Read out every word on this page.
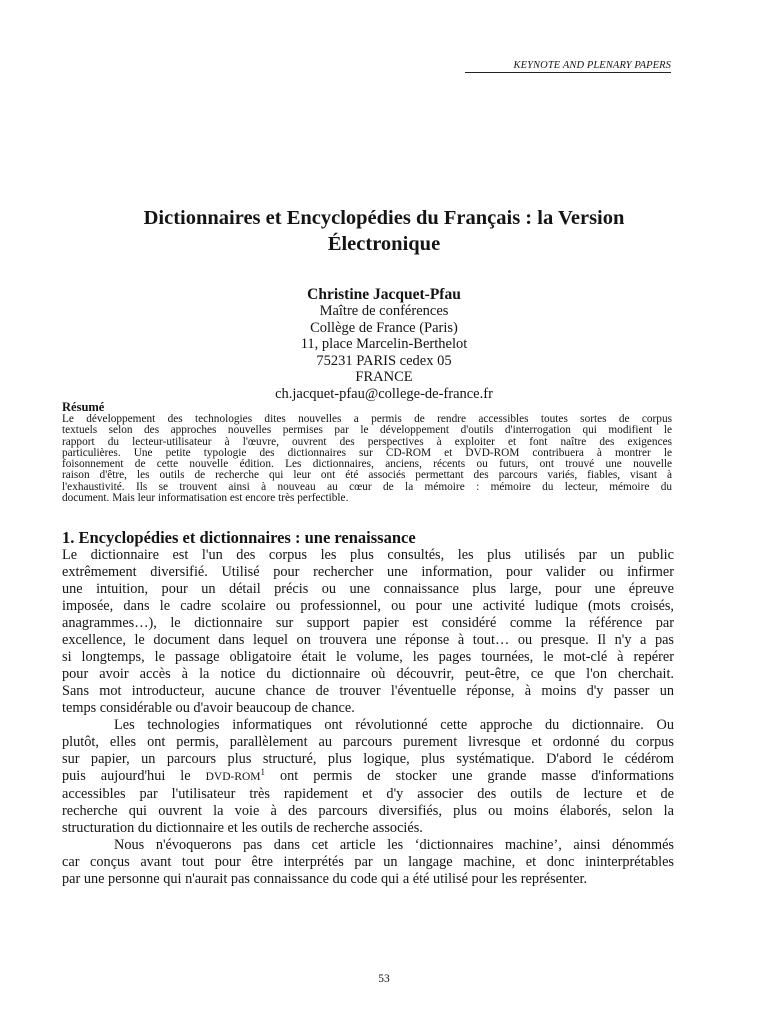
KEYNOTE AND PLENARY PAPERS
Dictionnaires et Encyclopédies du Français : la Version
Électronique
Christine Jacquet-Pfau
Maître de conférences
Collège de France (Paris)
11, place Marcelin-Berthelot
75231 PARIS cedex 05
FRANCE
ch.jacquet-pfau@college-de-france.fr
Résumé
Le développement des technologies dites nouvelles a permis de rendre accessibles toutes sortes de corpus
textuels selon des approches nouvelles permises par le développement d'outils d'interrogation qui modifient le
rapport du lecteur-utilisateur à l'œuvre, ouvrent des perspectives à exploiter et font naître des exigences
particulières. Une petite typologie des dictionnaires sur CD-ROM et DVD-ROM contribuera à montrer le
foisonnement de cette nouvelle édition. Les dictionnaires, anciens, récents ou futurs, ont trouvé une nouvelle
raison d'être, les outils de recherche qui leur ont été associés permettant des parcours variés, fiables, visant à
l'exhaustivité. Ils se trouvent ainsi à nouveau au cœur de la mémoire : mémoire du lecteur, mémoire du
document. Mais leur informatisation est encore très perfectible.
1. Encyclopédies et dictionnaires : une renaissance
Le dictionnaire est l'un des corpus les plus consultés, les plus utilisés par un public
extrêmement diversifié. Utilisé pour rechercher une information, pour valider ou infirmer
une intuition, pour un détail précis ou une connaissance plus large, pour une épreuve
imposée, dans le cadre scolaire ou professionnel, ou pour une activité ludique (mots croisés,
anagrammes…), le dictionnaire sur support papier est considéré comme la référence par
excellence, le document dans lequel on trouvera une réponse à tout… ou presque. Il n'y a pas
si longtemps, le passage obligatoire était le volume, les pages tournées, le mot-clé à repérer
pour avoir accès à la notice du dictionnaire où découvrir, peut-être, ce que l'on cherchait.
Sans mot introducteur, aucune chance de trouver l'éventuelle réponse, à moins d'y passer un
temps considérable ou d'avoir beaucoup de chance.
Les technologies informatiques ont révolutionné cette approche du dictionnaire. Ou
plutôt, elles ont permis, parallèlement au parcours purement livresque et ordonné du corpus
sur papier, un parcours plus structuré, plus logique, plus systématique. D'abord le cédérom
puis aujourd'hui le DVD-ROM$^1$ ont permis de stocker une grande masse d'informations
accessibles par l'utilisateur très rapidement et d'y associer des outils de lecture et de
recherche qui ouvrent la voie à des parcours diversifiés, plus ou moins élaborés, selon la
structuration du dictionnaire et les outils de recherche associés.
Nous n'évoquerons pas dans cet article les ‘dictionnaires machine’, ainsi dénommés
car conçus avant tout pour être interprétés par un langage machine, et donc ininterprétables
par une personne qui n'aurait pas connaissance du code qui a été utilisé pour les représenter.
53
